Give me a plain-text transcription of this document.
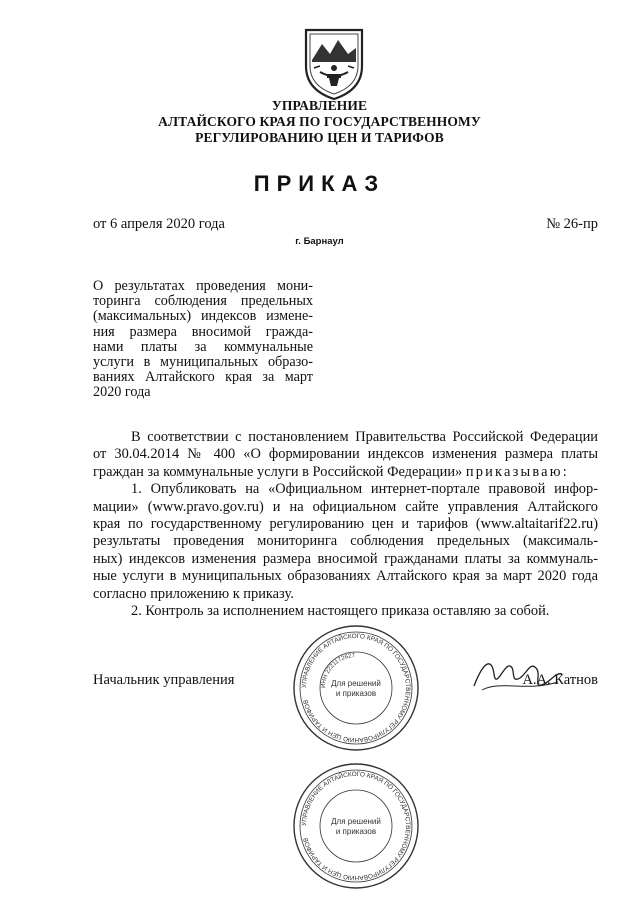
УПРАВЛЕНИЕ
АЛТАЙСКОГО КРАЯ ПО ГОСУДАРСТВЕННОМУ
РЕГУЛИРОВАНИЮ ЦЕН И ТАРИФОВ
ПРИКАЗ
от 6 апреля 2020 года	№ 26-пр
г. Барнаул
О результатах проведения мони-
торинга соблюдения предельных
(максимальных) индексов измене-
ния размера вносимой гражда-
нами платы за коммунальные
услуги в муниципальных образо-
ваниях Алтайского края за март
2020 года
В соответствии с постановлением Правительства Российской Федерации
от 30.04.2014 № 400 «О формировании индексов изменения размера платы
граждан за коммунальные услуги в Российской Федерации» приказываю:
1. Опубликовать на «Официальном интернет-портале правовой инфор-
мации» (www.pravo.gov.ru) и на официальном сайте управления Алтайского
края по государственному регулированию цен и тарифов (www.altaitarif22.ru)
результаты проведения мониторинга соблюдения предельных (максималь-
ных) индексов изменения размера вносимой гражданами платы за коммуналь-
ные услуги в муниципальных образованиях Алтайского края за март 2020 года
согласно приложению к приказу.
2. Контроль за исполнением настоящего приказа оставляю за собой.
Начальник управления	А.А. Катнов
УПРАВЛЕНИЕ АЛТАЙСКОГО КРАЯ ПО ГОСУДАРСТВЕННОМУ РЕГУЛИРОВАНИЮ ЦЕН И ТАРИФОВ
ИНН 2221172627
Для решений
и приказов
УПРАВЛЕНИЕ АЛТАЙСКОГО КРАЯ ПО ГОСУДАРСТВЕННОМУ РЕГУЛИРОВАНИЮ ЦЕН И ТАРИФОВ
Для решений
и приказов
